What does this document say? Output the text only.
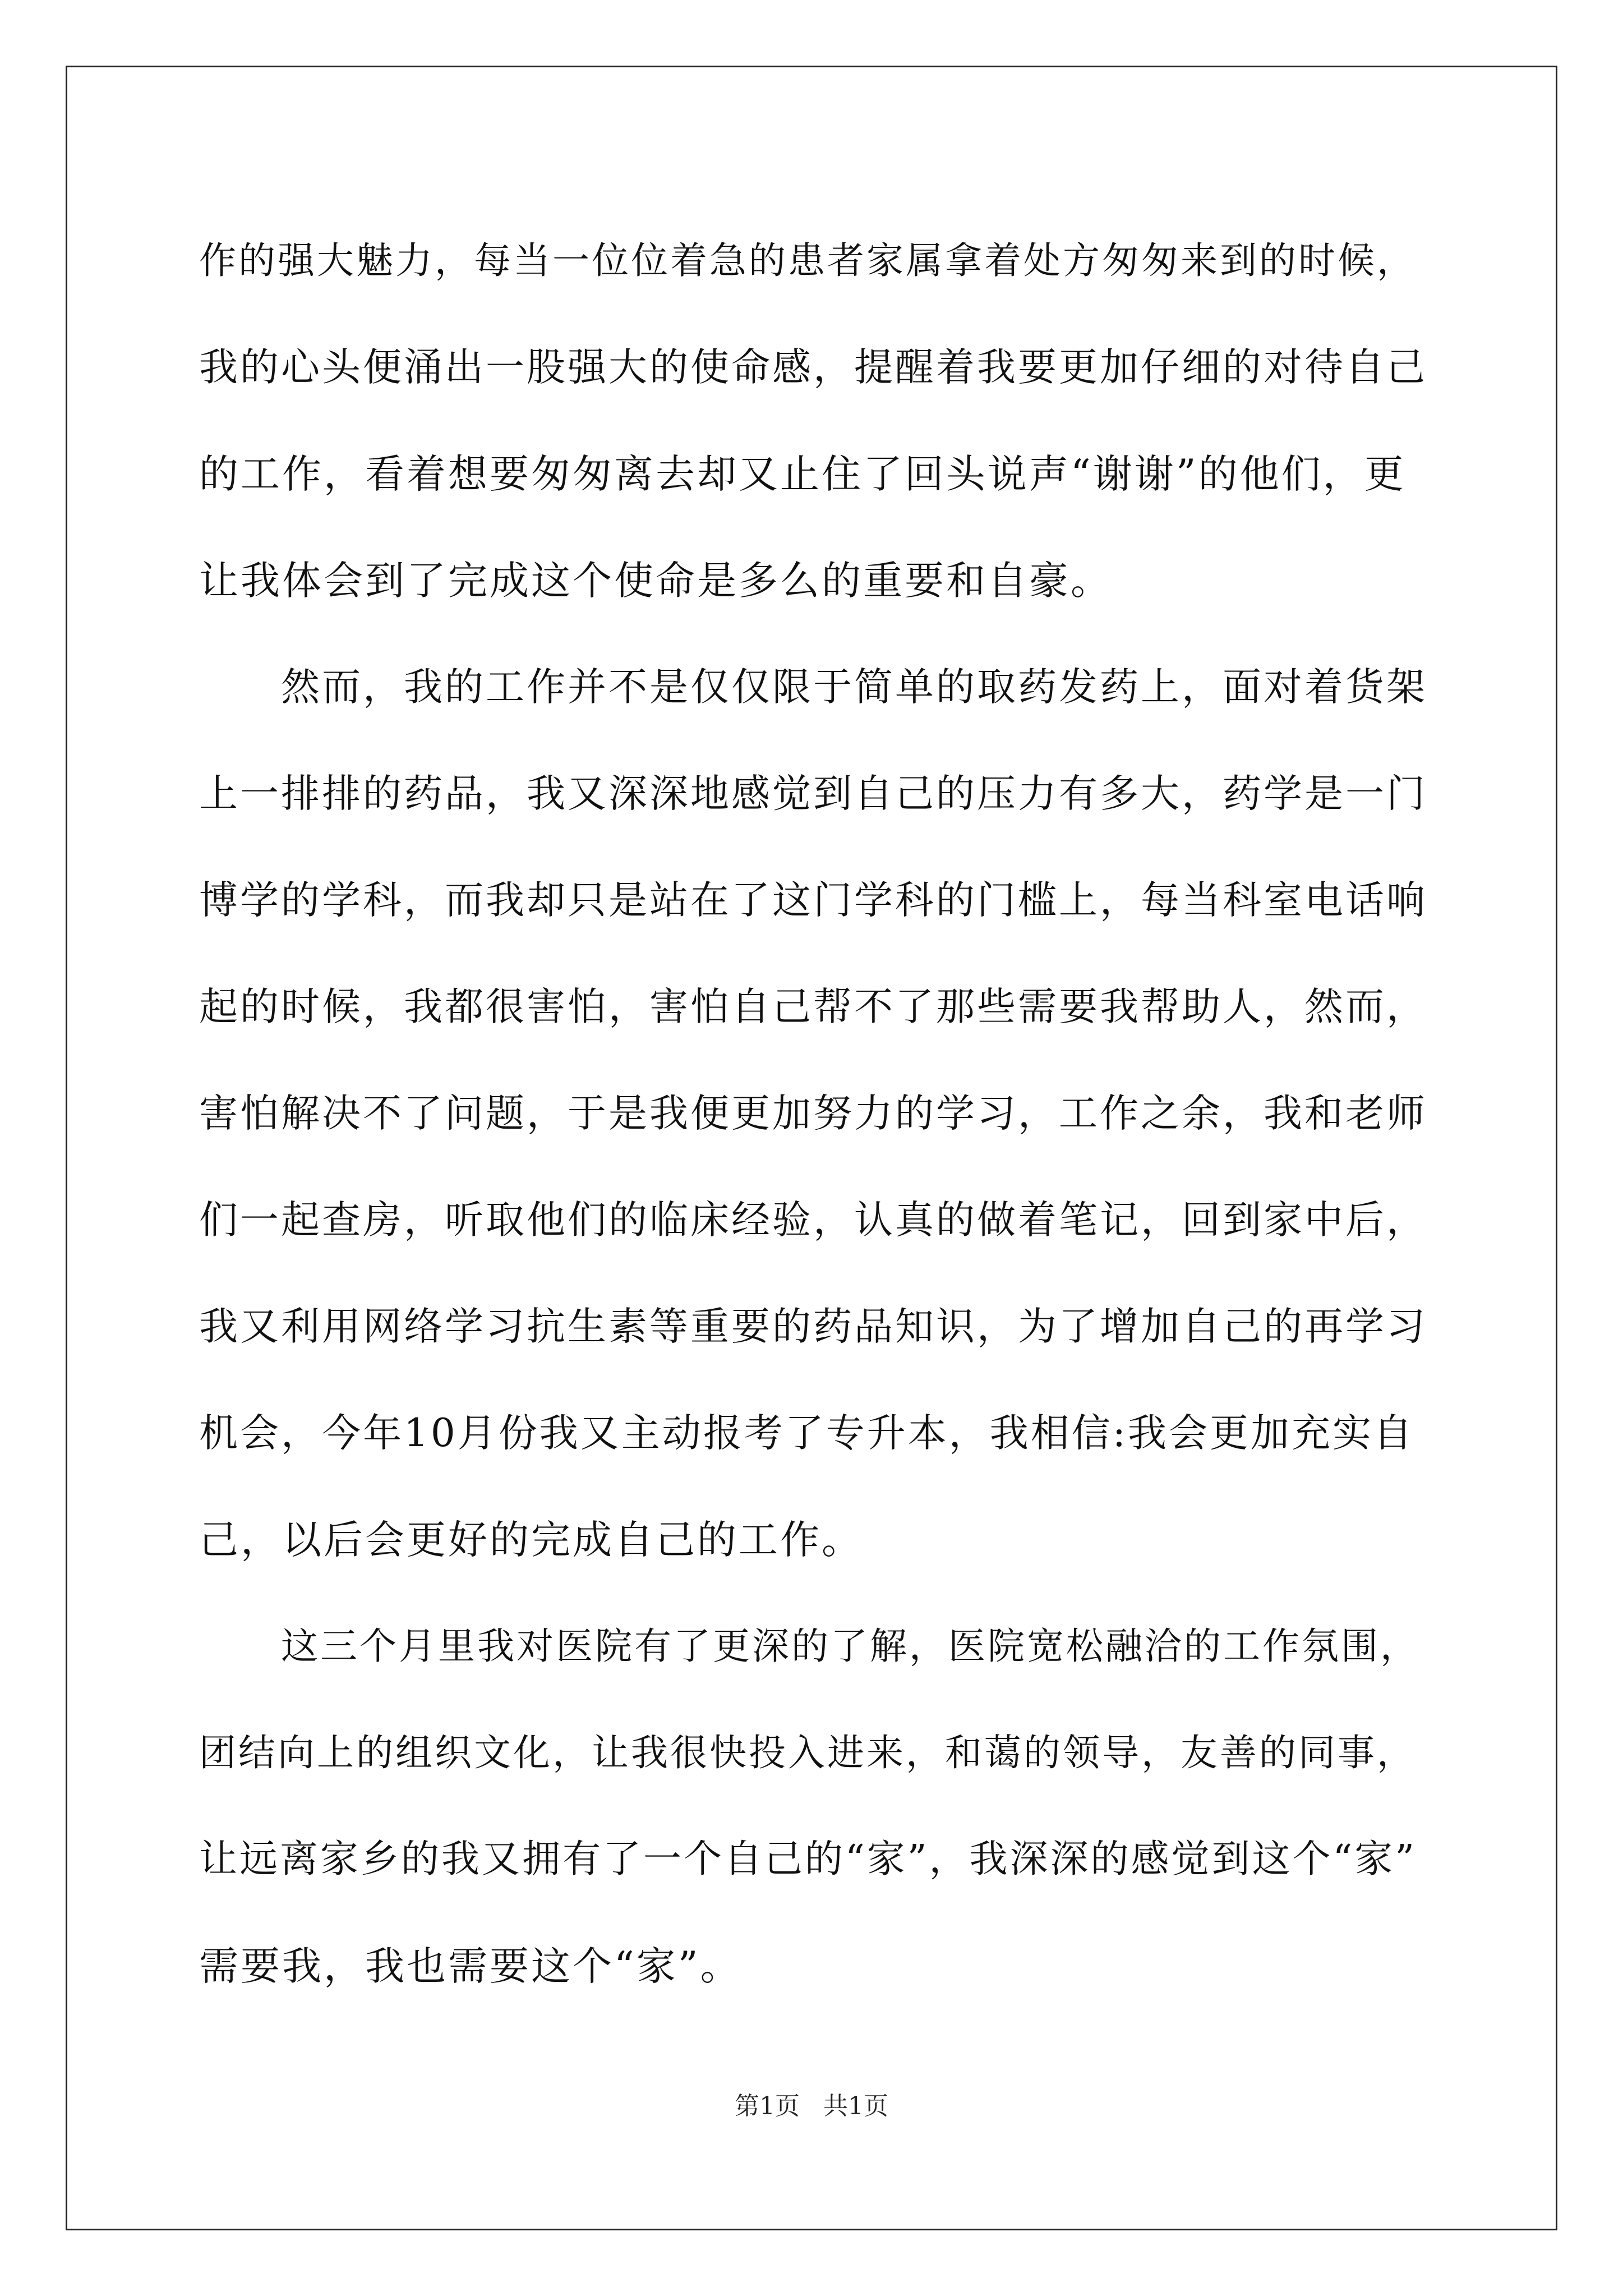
作的强大魅力，每当一位位着急的患者家属拿着处方匆匆来到的时候，
我的心头便涌出一股强大的使命感，提醒着我要更加仔细的对待自己
的工作，看着想要匆匆离去却又止住了回头说声“谢谢”的他们，更
让我体会到了完成这个使命是多么的重要和自豪。
然而，我的工作并不是仅仅限于简单的取药发药上，面对着货架
上一排排的药品，我又深深地感觉到自己的压力有多大，药学是一门
博学的学科，而我却只是站在了这门学科的门槛上，每当科室电话响
起的时候，我都很害怕，害怕自己帮不了那些需要我帮助人，然而，
害怕解决不了问题，于是我便更加努力的学习，工作之余，我和老师
们一起查房，听取他们的临床经验，认真的做着笔记，回到家中后，
我又利用网络学习抗生素等重要的药品知识，为了增加自己的再学习
机会，今年10月份我又主动报考了专升本，我相信:我会更加充实自
己，以后会更好的完成自己的工作。
这三个月里我对医院有了更深的了解，医院宽松融洽的工作氛围，
团结向上的组织文化，让我很快投入进来，和蔼的领导，友善的同事，
让远离家乡的我又拥有了一个自己的“家”，我深深的感觉到这个“家”
需要我，我也需要这个“家”。
第1页 共1页
